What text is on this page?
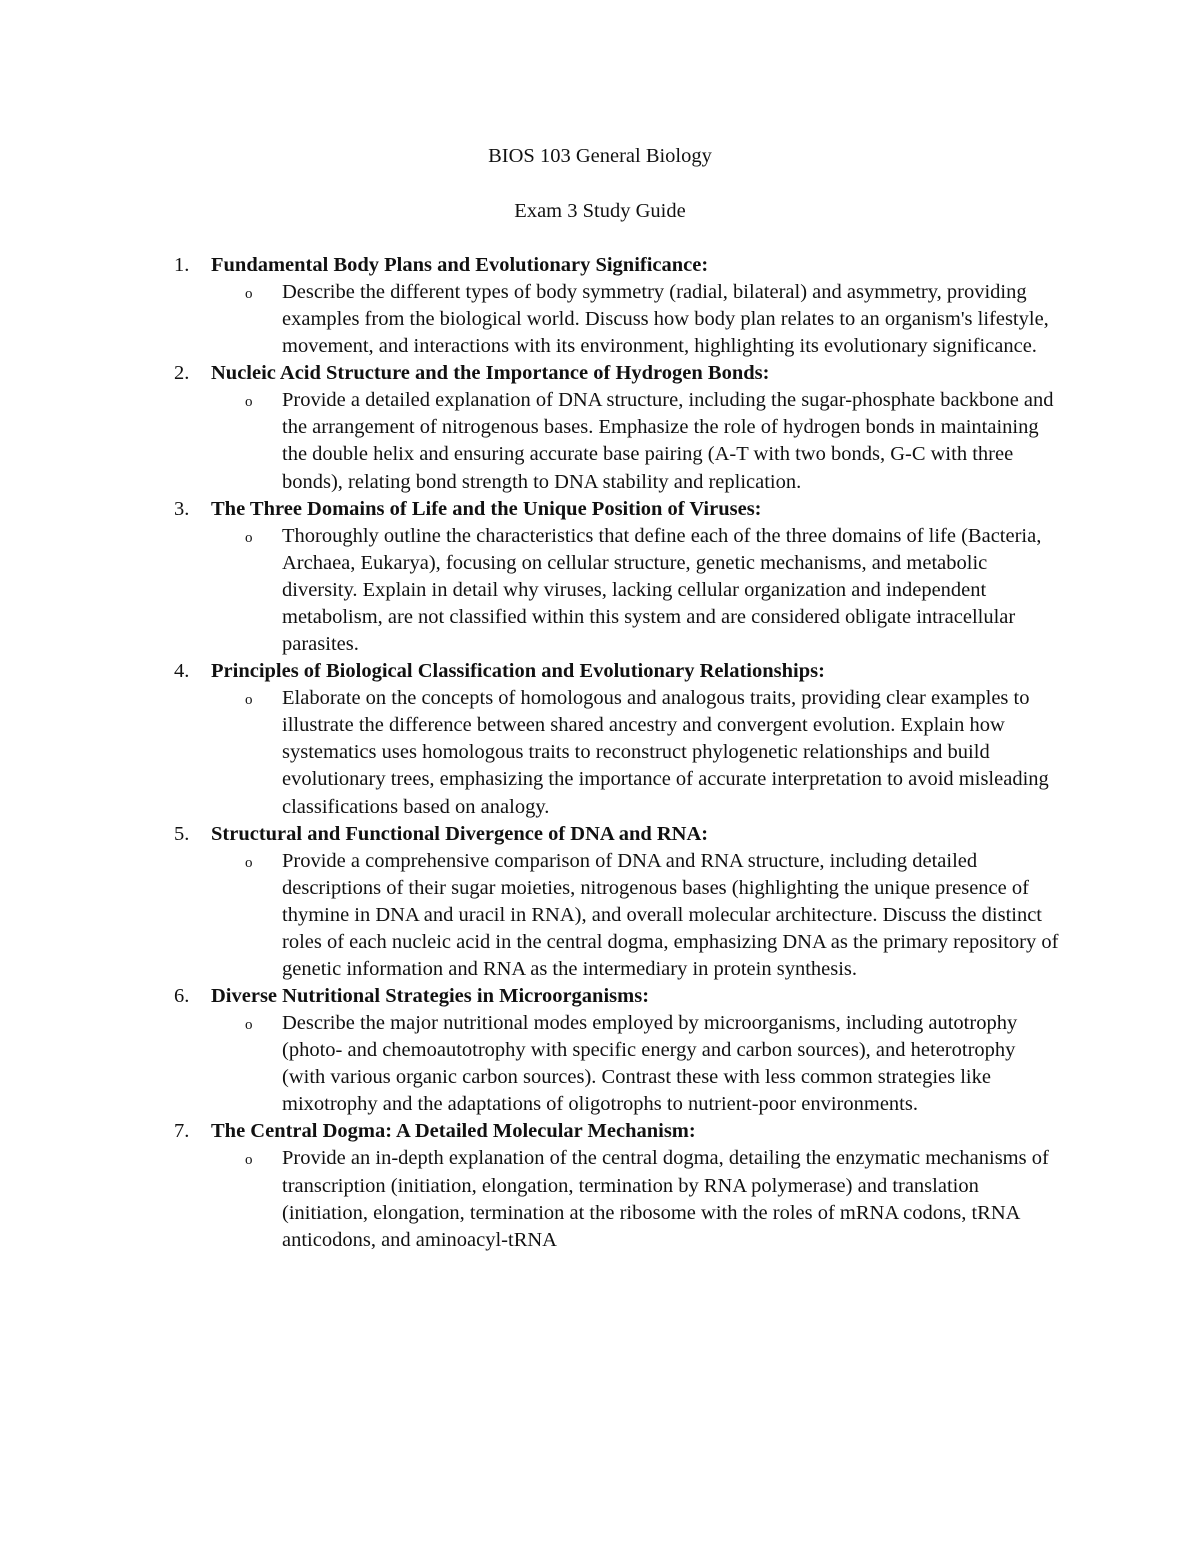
BIOS 103 General Biology
Exam 3 Study Guide
1. Fundamental Body Plans and Evolutionary Significance:
o Describe the different types of body symmetry (radial, bilateral) and asymmetry, providing examples from the biological world. Discuss how body plan relates to an organism's lifestyle, movement, and interactions with its environment, highlighting its evolutionary significance.
2. Nucleic Acid Structure and the Importance of Hydrogen Bonds:
o Provide a detailed explanation of DNA structure, including the sugar-phosphate backbone and the arrangement of nitrogenous bases. Emphasize the role of hydrogen bonds in maintaining the double helix and ensuring accurate base pairing (A-T with two bonds, G-C with three bonds), relating bond strength to DNA stability and replication.
3. The Three Domains of Life and the Unique Position of Viruses:
o Thoroughly outline the characteristics that define each of the three domains of life (Bacteria, Archaea, Eukarya), focusing on cellular structure, genetic mechanisms, and metabolic diversity. Explain in detail why viruses, lacking cellular organization and independent metabolism, are not classified within this system and are considered obligate intracellular parasites.
4. Principles of Biological Classification and Evolutionary Relationships:
o Elaborate on the concepts of homologous and analogous traits, providing clear examples to illustrate the difference between shared ancestry and convergent evolution. Explain how systematics uses homologous traits to reconstruct phylogenetic relationships and build evolutionary trees, emphasizing the importance of accurate interpretation to avoid misleading classifications based on analogy.
5. Structural and Functional Divergence of DNA and RNA:
o Provide a comprehensive comparison of DNA and RNA structure, including detailed descriptions of their sugar moieties, nitrogenous bases (highlighting the unique presence of thymine in DNA and uracil in RNA), and overall molecular architecture. Discuss the distinct roles of each nucleic acid in the central dogma, emphasizing DNA as the primary repository of genetic information and RNA as the intermediary in protein synthesis.
6. Diverse Nutritional Strategies in Microorganisms:
o Describe the major nutritional modes employed by microorganisms, including autotrophy (photo- and chemoautotrophy with specific energy and carbon sources), and heterotrophy (with various organic carbon sources). Contrast these with less common strategies like mixotrophy and the adaptations of oligotrophs to nutrient-poor environments.
7. The Central Dogma: A Detailed Molecular Mechanism:
o Provide an in-depth explanation of the central dogma, detailing the enzymatic mechanisms of transcription (initiation, elongation, termination by RNA polymerase) and translation (initiation, elongation, termination at the ribosome with the roles of mRNA codons, tRNA anticodons, and aminoacyl-tRNA
